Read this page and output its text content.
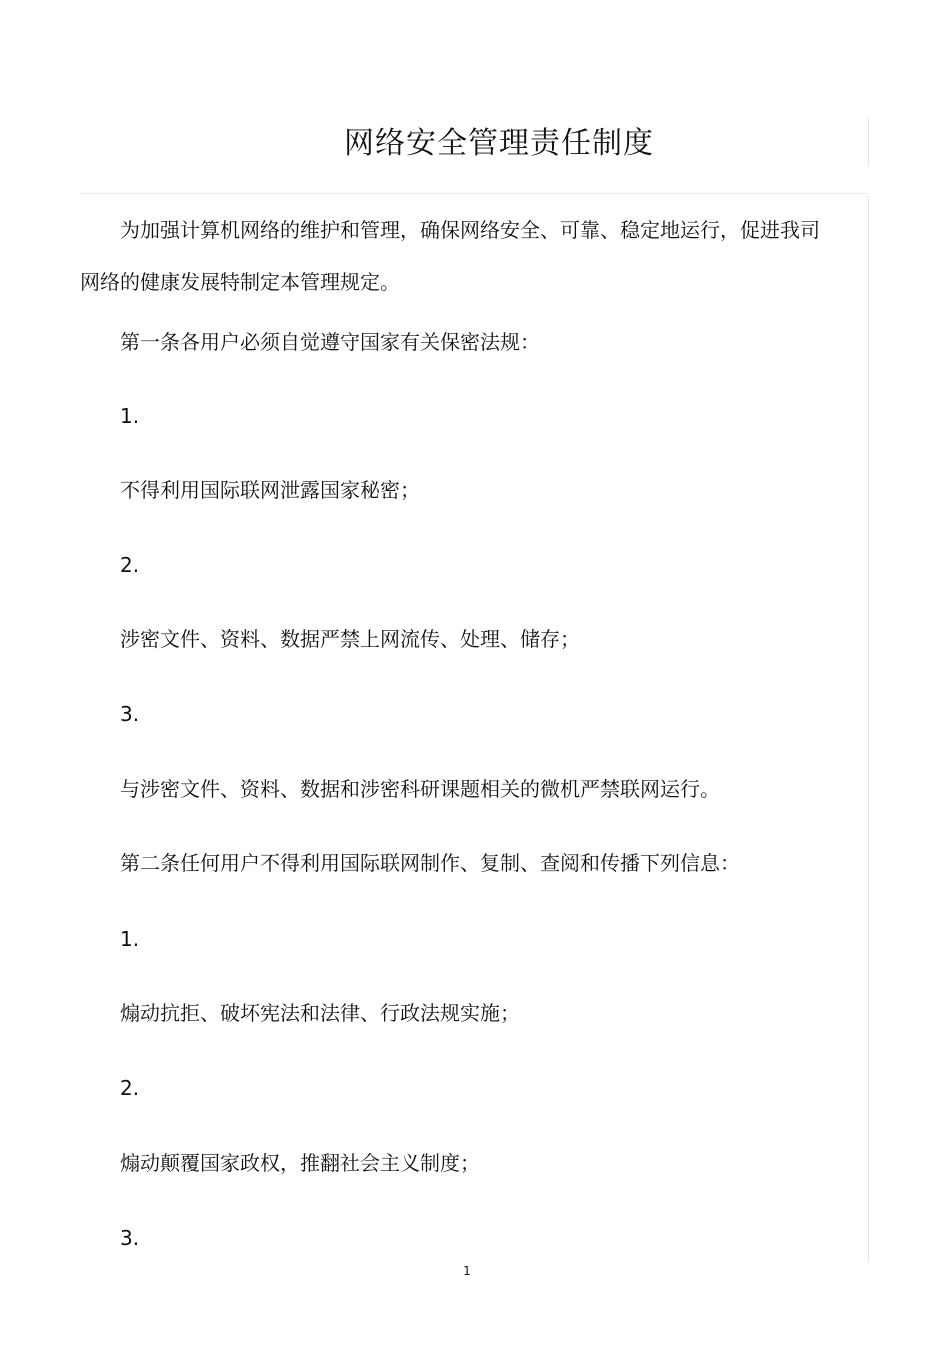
网络安全管理责任制度

为加强计算机网络的维护和管理，确保网络安全、可靠、稳定地运行，促进我司网络的健康发展特制定本管理规定。

第一条各用户必须自觉遵守国家有关保密法规：

1.

不得利用国际联网泄露国家秘密；

2.

涉密文件、资料、数据严禁上网流传、处理、储存；

3.

与涉密文件、资料、数据和涉密科研课题相关的微机严禁联网运行。

第二条任何用户不得利用国际联网制作、复制、查阅和传播下列信息：

1.

煽动抗拒、破坏宪法和法律、行政法规实施；

2.

煽动颠覆国家政权，推翻社会主义制度；

3.

1
